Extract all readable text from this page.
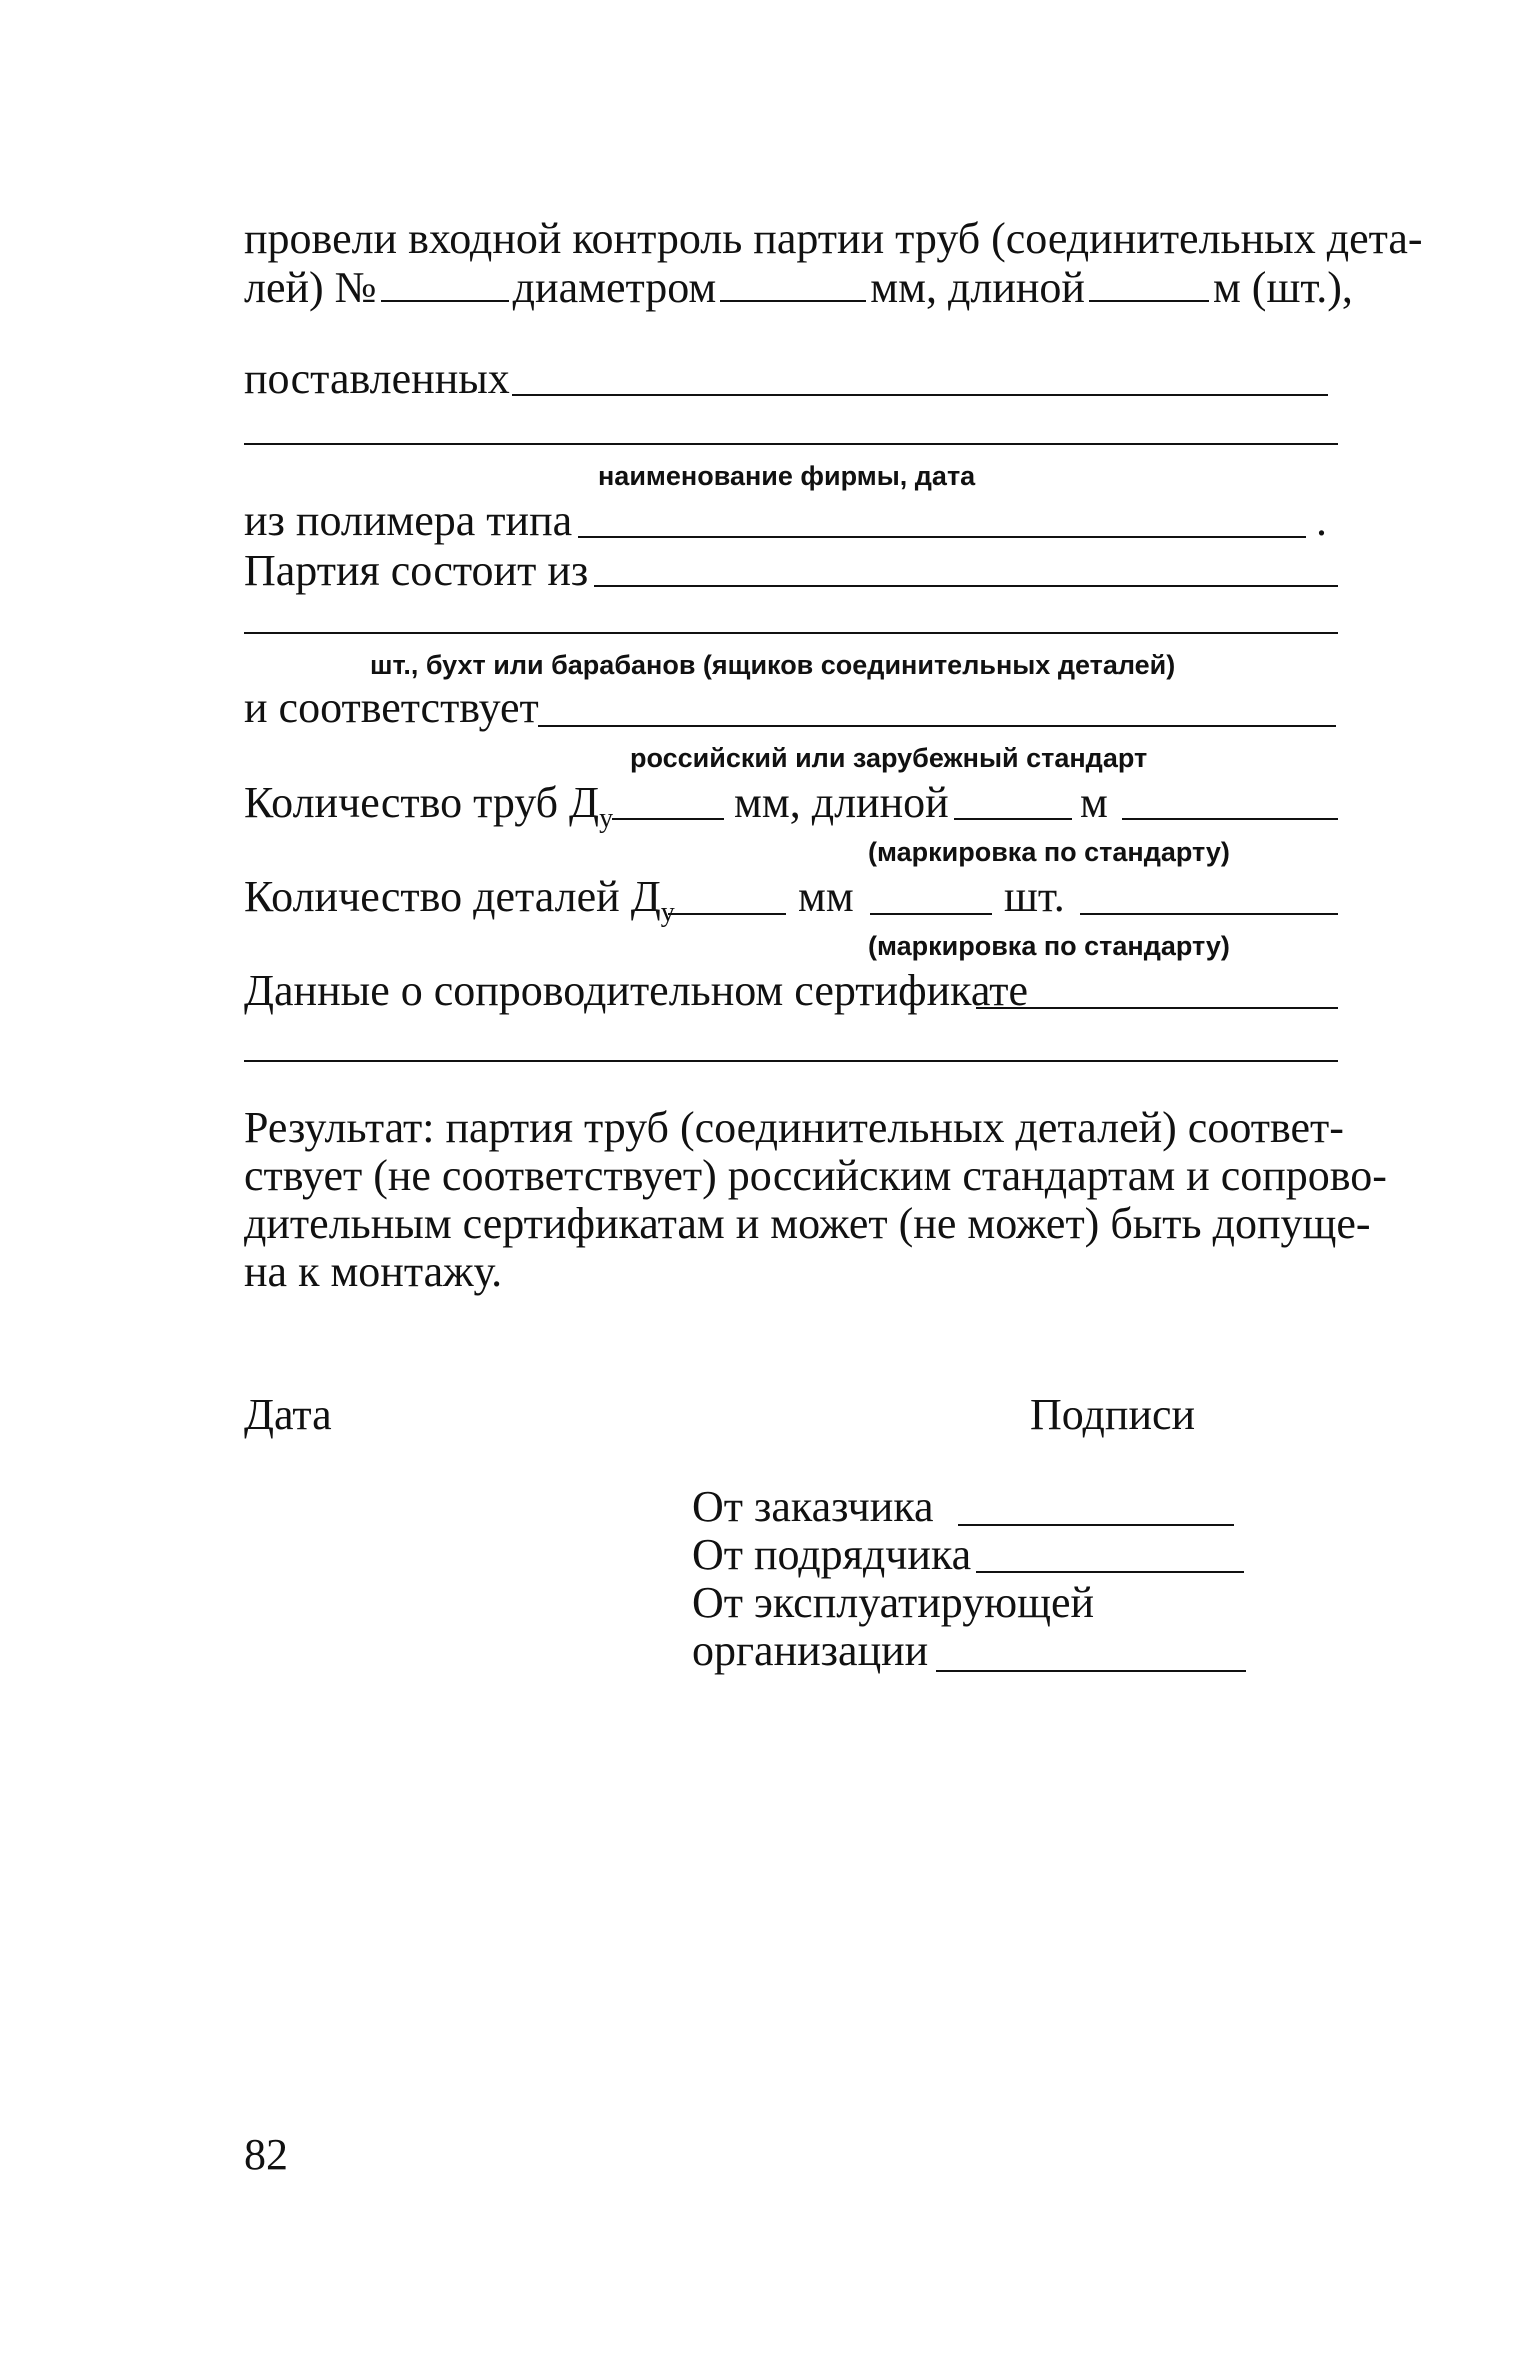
провели входной контроль партии труб (соединительных дета-
лей) №	диаметром	мм, длиной	м (шт.),
поставленных
наименование фирмы, дата
из полимера типа	.
Партия состоит из
шт., бухт или барабанов (ящиков соединительных деталей)
и соответствует
российский или зарубежный стандарт
Количество труб $Д_у$	мм, длиной	м
(маркировка по стандарту)
Количество деталей $Д_у$	мм	шт.
(маркировка по стандарту)
Данные о сопроводительном сертификате
Результат: партия труб (соединительных деталей) соответ-
ствует (не соответствует) российским стандартам и сопрово-
дительным сертификатам и может (не может) быть допуще-
на к монтажу.
Дата	Подписи
От заказчика
От подрядчика
От эксплуатирующей
организации
82
